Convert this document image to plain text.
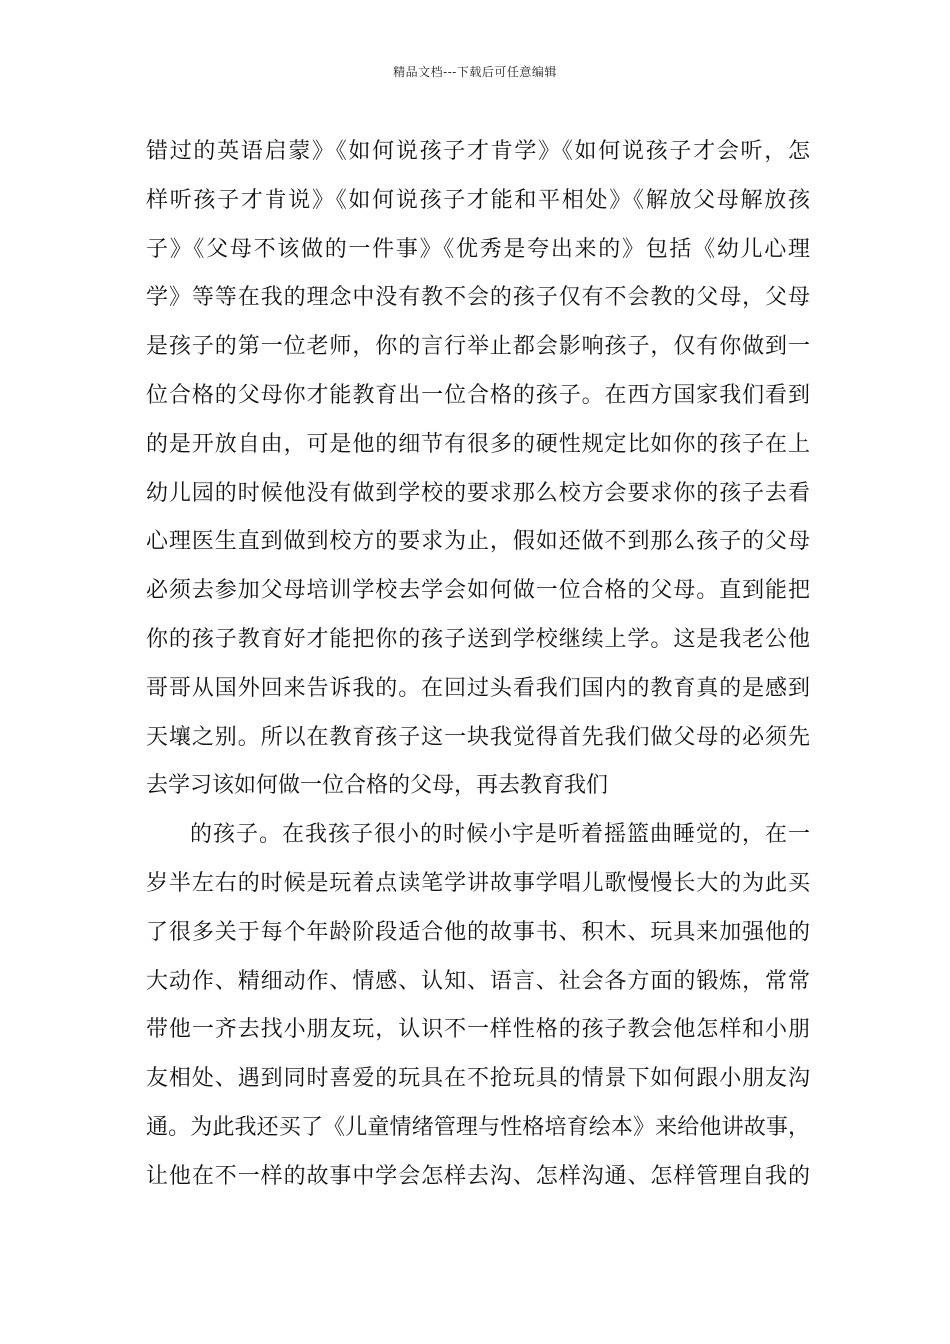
精品文档---下载后可任意编辑
错过的英语启蒙》《如何说孩子才肯学》《如何说孩子才会听，怎
样听孩子才肯说》《如何说孩子才能和平相处》《解放父母解放孩
子》《父母不该做的一件事》《优秀是夸出来的》包括《幼儿心理
学》等等在我的理念中没有教不会的孩子仅有不会教的父母，父母
是孩子的第一位老师，你的言行举止都会影响孩子，仅有你做到一
位合格的父母你才能教育出一位合格的孩子。在西方国家我们看到
的是开放自由，可是他的细节有很多的硬性规定比如你的孩子在上
幼儿园的时候他没有做到学校的要求那么校方会要求你的孩子去看
心理医生直到做到校方的要求为止，假如还做不到那么孩子的父母
必须去参加父母培训学校去学会如何做一位合格的父母。直到能把
你的孩子教育好才能把你的孩子送到学校继续上学。这是我老公他
哥哥从国外回来告诉我的。在回过头看我们国内的教育真的是感到
天壤之别。所以在教育孩子这一块我觉得首先我们做父母的必须先
去学习该如何做一位合格的父母，再去教育我们
的孩子。在我孩子很小的时候小宇是听着摇篮曲睡觉的，在一
岁半左右的时候是玩着点读笔学讲故事学唱儿歌慢慢长大的为此买
了很多关于每个年龄阶段适合他的故事书、积木、玩具来加强他的
大动作、精细动作、情感、认知、语言、社会各方面的锻炼，常常
带他一齐去找小朋友玩，认识不一样性格的孩子教会他怎样和小朋
友相处、遇到同时喜爱的玩具在不抢玩具的情景下如何跟小朋友沟
通。为此我还买了《儿童情绪管理与性格培育绘本》来给他讲故事，
让他在不一样的故事中学会怎样去沟、怎样沟通、怎样管理自我的
